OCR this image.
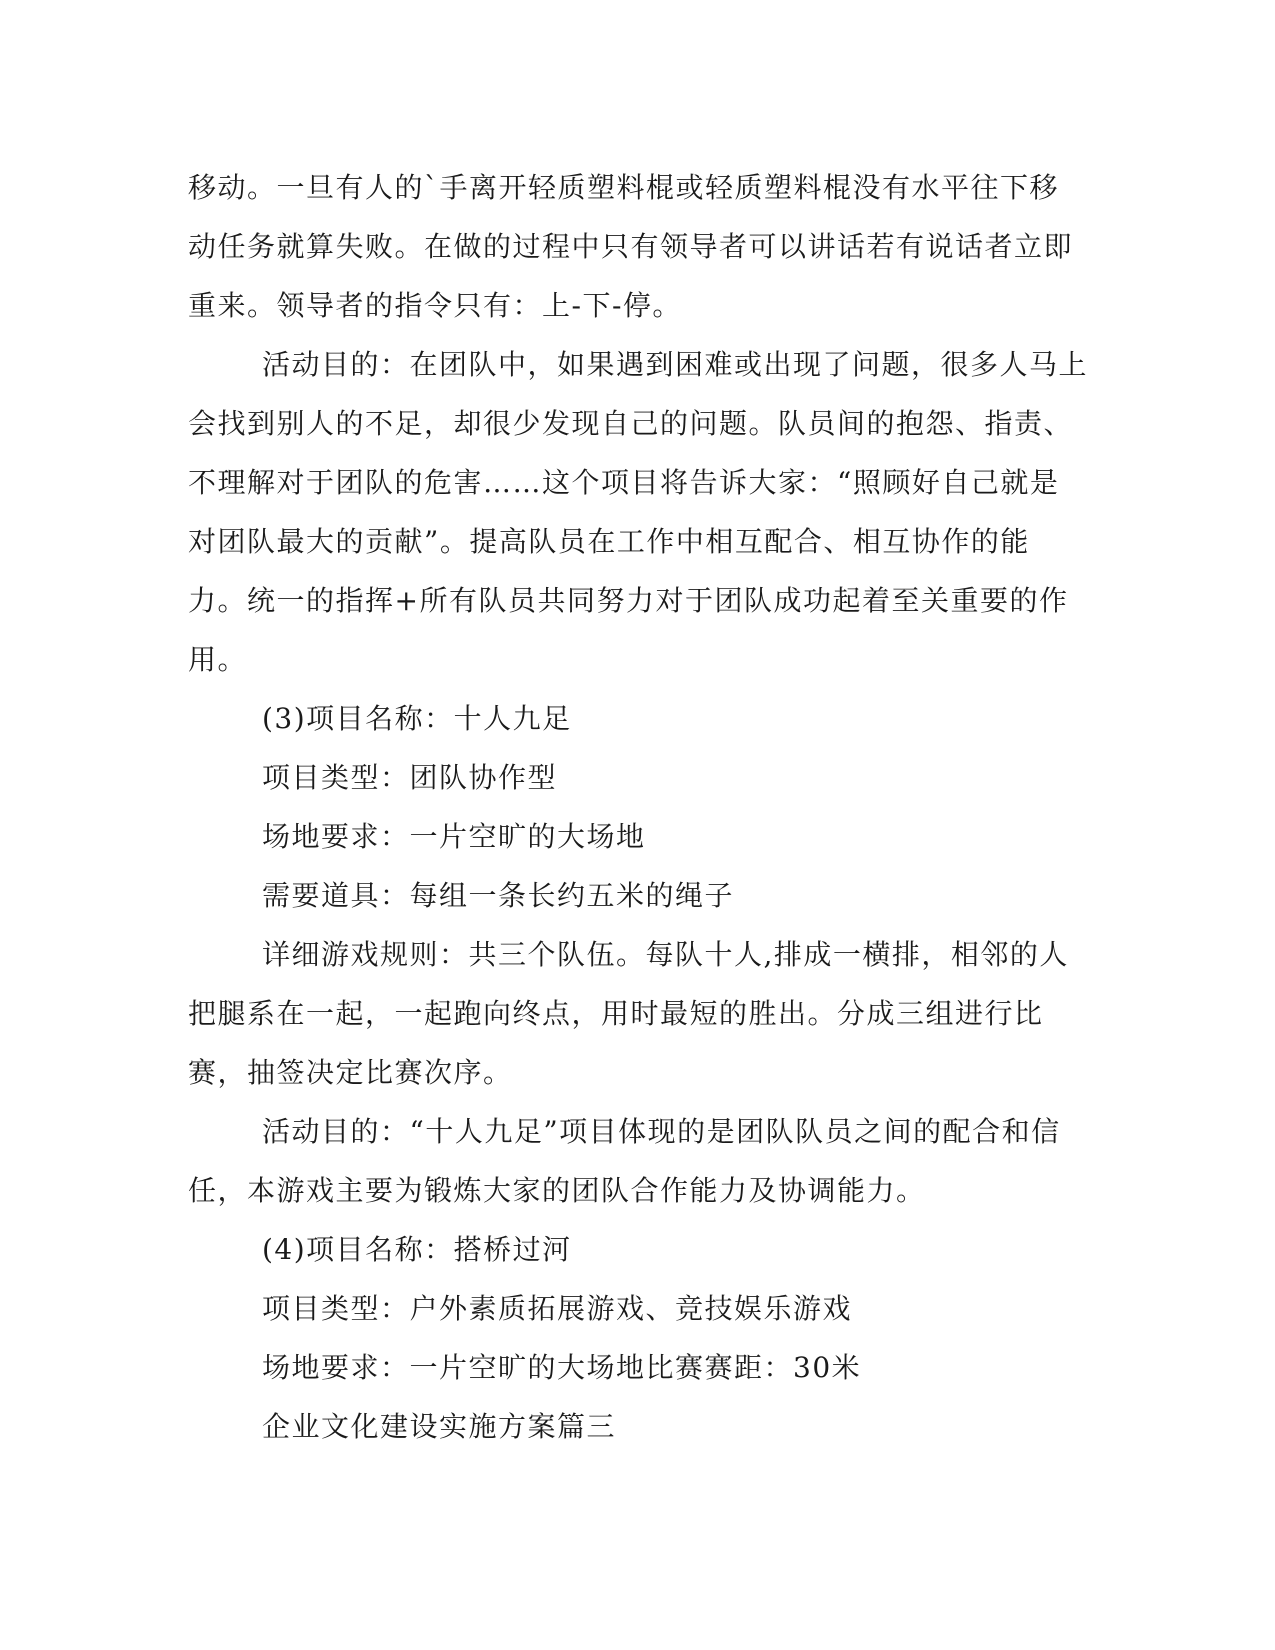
移动。一旦有人的`手离开轻质塑料棍或轻质塑料棍没有水平往下移动任务就算失败。在做的过程中只有领导者可以讲话若有说话者立即重来。领导者的指令只有：上-下-停。

活动目的：在团队中，如果遇到困难或出现了问题，很多人马上会找到别人的不足，却很少发现自己的问题。队员间的抱怨、指责、不理解对于团队的危害……这个项目将告诉大家：“照顾好自己就是对团队最大的贡献”。提高队员在工作中相互配合、相互协作的能力。统一的指挥+所有队员共同努力对于团队成功起着至关重要的作用。

(3)项目名称：十人九足

项目类型：团队协作型

场地要求：一片空旷的大场地

需要道具：每组一条长约五米的绳子

详细游戏规则：共三个队伍。每队十人,排成一横排，相邻的人把腿系在一起，一起跑向终点，用时最短的胜出。分成三组进行比赛，抽签决定比赛次序。

活动目的：“十人九足”项目体现的是团队队员之间的配合和信任，本游戏主要为锻炼大家的团队合作能力及协调能力。

(4)项目名称：搭桥过河

项目类型：户外素质拓展游戏、竞技娱乐游戏

场地要求：一片空旷的大场地比赛赛距：30米

企业文化建设实施方案篇三
